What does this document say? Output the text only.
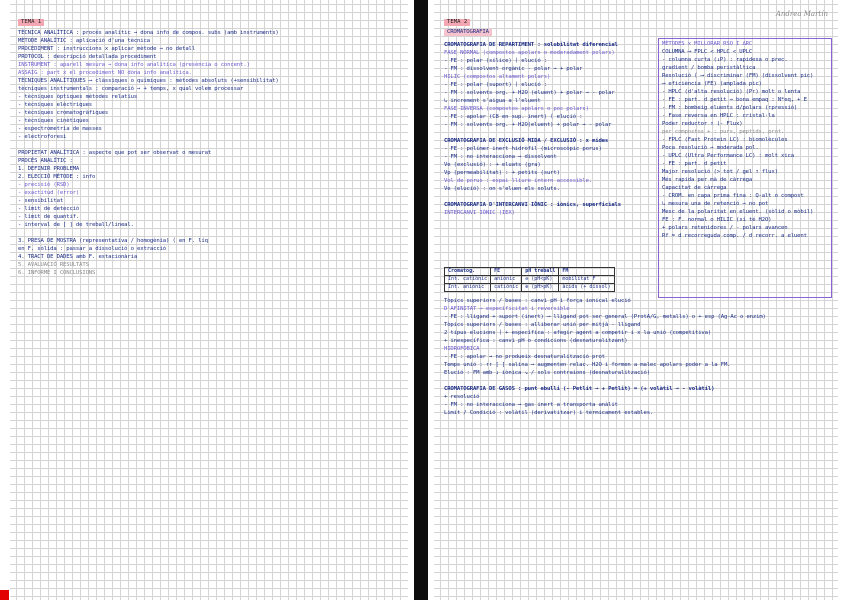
TEMA 1
TÈCNICA ANALÍTICA : procés analític → dona info de compos. subs (amb instruments)
MÈTODE ANALÍTIC : aplicació d'una tècnica
PROCEDIMENT : instruccions x aplicar mètode → no detall
PROTOCOL : descripció detallada procediment
INSTRUMENT : aparell mesura → dona info analítica (presència o concent.)
ASSAIG : part x el procediment NO dóna info analítica.
TÈCNIQUES ANALÍTIQUES ⟶ clàssiques o químiques : mètodes absoluts (+sensibilitat)
tècniques instrumentals : comparació → + temps, x qual volem processar
- tècniques òptiques mètodes relatius
- tècniques elèctriques
- tècniques cromatogràfiques
- tècniques cinètiques
- espectrometria de masses
- electroforesi
PROPIETAT ANALÍTICA : aspecte que pot ser observat o mesurat
PROCÉS ANALÍTIC :
1. DEFINIR PROBLEMA
2. ELECCIÓ MÈTODE : info
- precisió (RSD)
- exactitud (error)
- sensibilitat
- límit de detecció
- límit de quantif.
- interval de [ ] de treball/lineal.
3. PRESA DE MOSTRA (representativa / homogènia) ⟨ en F. líq
en F. sòlida : passar a dissolució o extracció
4. TRACT DE DADES amb F. estacionària
5. AVALUACIÓ RESULTATS
6. INFORME I CONCLUSIONS
Andrea Martín
TEMA 2
CROMATOGRAFIA
CROMATOGRAFIA DE REPARTIMENT : solubilitat diferencial
FASE NORMAL (compostos apolars o moderadament polars)
- FE : polar (sílice) ⟨ elució :
- FM : dissolvent orgànic - polar → + polar
HILIC (compostos altament polars)
- FE : polar (suport) ⟨ elució :
- FM : solvents org. + H2O (eluent) + polar → - polar
↳ increment s'aigua a l'eluent
FASE INVERSA (compostos apolars o poc polars)
- FE : apolar (C8 en sup. inert) ⟨ elució :
- FM : solvents org. + H2O(eluent) + polar → - polar
CROMATOGRAFIA DE EXCLUSIÓ MIDA / EXCLUSIÓ : x mides
- FE : polímer inert hidròfil (microscòpic porus)
- FM : no interacciona → dissolvent
Ve (exclusió) : + eluats (gra)
Vp (permeabilitat) : + petits (surt)
Vol de porus : espai lliure intern accessible.
Ve (elució) : on s'eluen els soluts.
CROMATOGRAFIA D'INTERCANVI IÒNIC : iònics, superficials
INTERCANVI IÒNIC (IEX)
Tòpics superiors / bases : canvi pH i força ionical elució
D'AFINITAT → especificitat i reversible
- FE : lligand + suport (inert) ⟶ lligand pot ser general (ProtA/G, metalls) o + esp (Ag-Ac o enzim)
Tòpics superiors / bases : alliberar unió per mitjà - lligand
2 tipus elucions ⟨ + específica : afegir agent a competir i x la unió (competitiva)
+ inespecífica : canvi pH o condicions (desnaturalitzant)
HIDROFÒBICA
- FE : apolar → no produeix desnaturalització prot
Temps unió : ↑↑ [ ] salina → augmenten relac. H2O i formen a malec apolars poder a la FM.
Elució : FM amb ↓ iònica ↘ / sols contraions (desnaturalització)
CROMATOGRAFIA DE GASOS : punt ebulli (- Petlit → + Petlit) = (+ volàtil → - volàtil)
+ resolució
- FM : no interacciona → gas inert a transporta anàlit
Limit / Condició : volàtil (derivatitzar) i tèrmicament estables.
MÈTODES x MILLORAR RSO I ∆RC
COLUMNA ⟶ FPLC < HPLC < UPLC
- columna curta (↓P) : rapidesa o prec.
gradient / bomba peristàltica
Resolució ⟨ ⟶ discriminar (FM) (dissolvent pic)
⟶ eficiència (FE) (amplada pic)
- HPLC (d'alta resolució) (P↑) molt o lenta
- FE : part. d petit → bona empaq : N*eq, + E
- FM : bombeig eluents d/polars (↑pressió)
- Fase reversa en HPLC : cristal·la
Poder reductor ↑ (- Flux)
per compostos + : purs, peptids, prot.
- FPLC (Fast Protein LC) : biomolècules
Poca resolució → moderada pol.
- UPLC (Ultra Performance LC) : molt xica
- FE : part. d petit
Major resolució (> tot / gel ↑ flux)
Més rapida per mà de càrrega
Capacitat de càrrega
- CROM. en capa prima fina : Q-alt o compost
↳ mesura una de retenció → no pot
Mesc de la polaritat en eluent. (sòlid o mòbil)
FE : F. normal o HILIC (sí té H2O)
+ polars retenidores / - polars avancen
Rf = d recorreguda comp. / d recorr. a eluent
Cromatog.	FE	pH treball	FM
Int. catiònic	aniònic	⊖ (pH<pK)	mobilitat F
Int. aniònic	catiònic	⊕ (pH>pK)	àcids (+ dissol)
